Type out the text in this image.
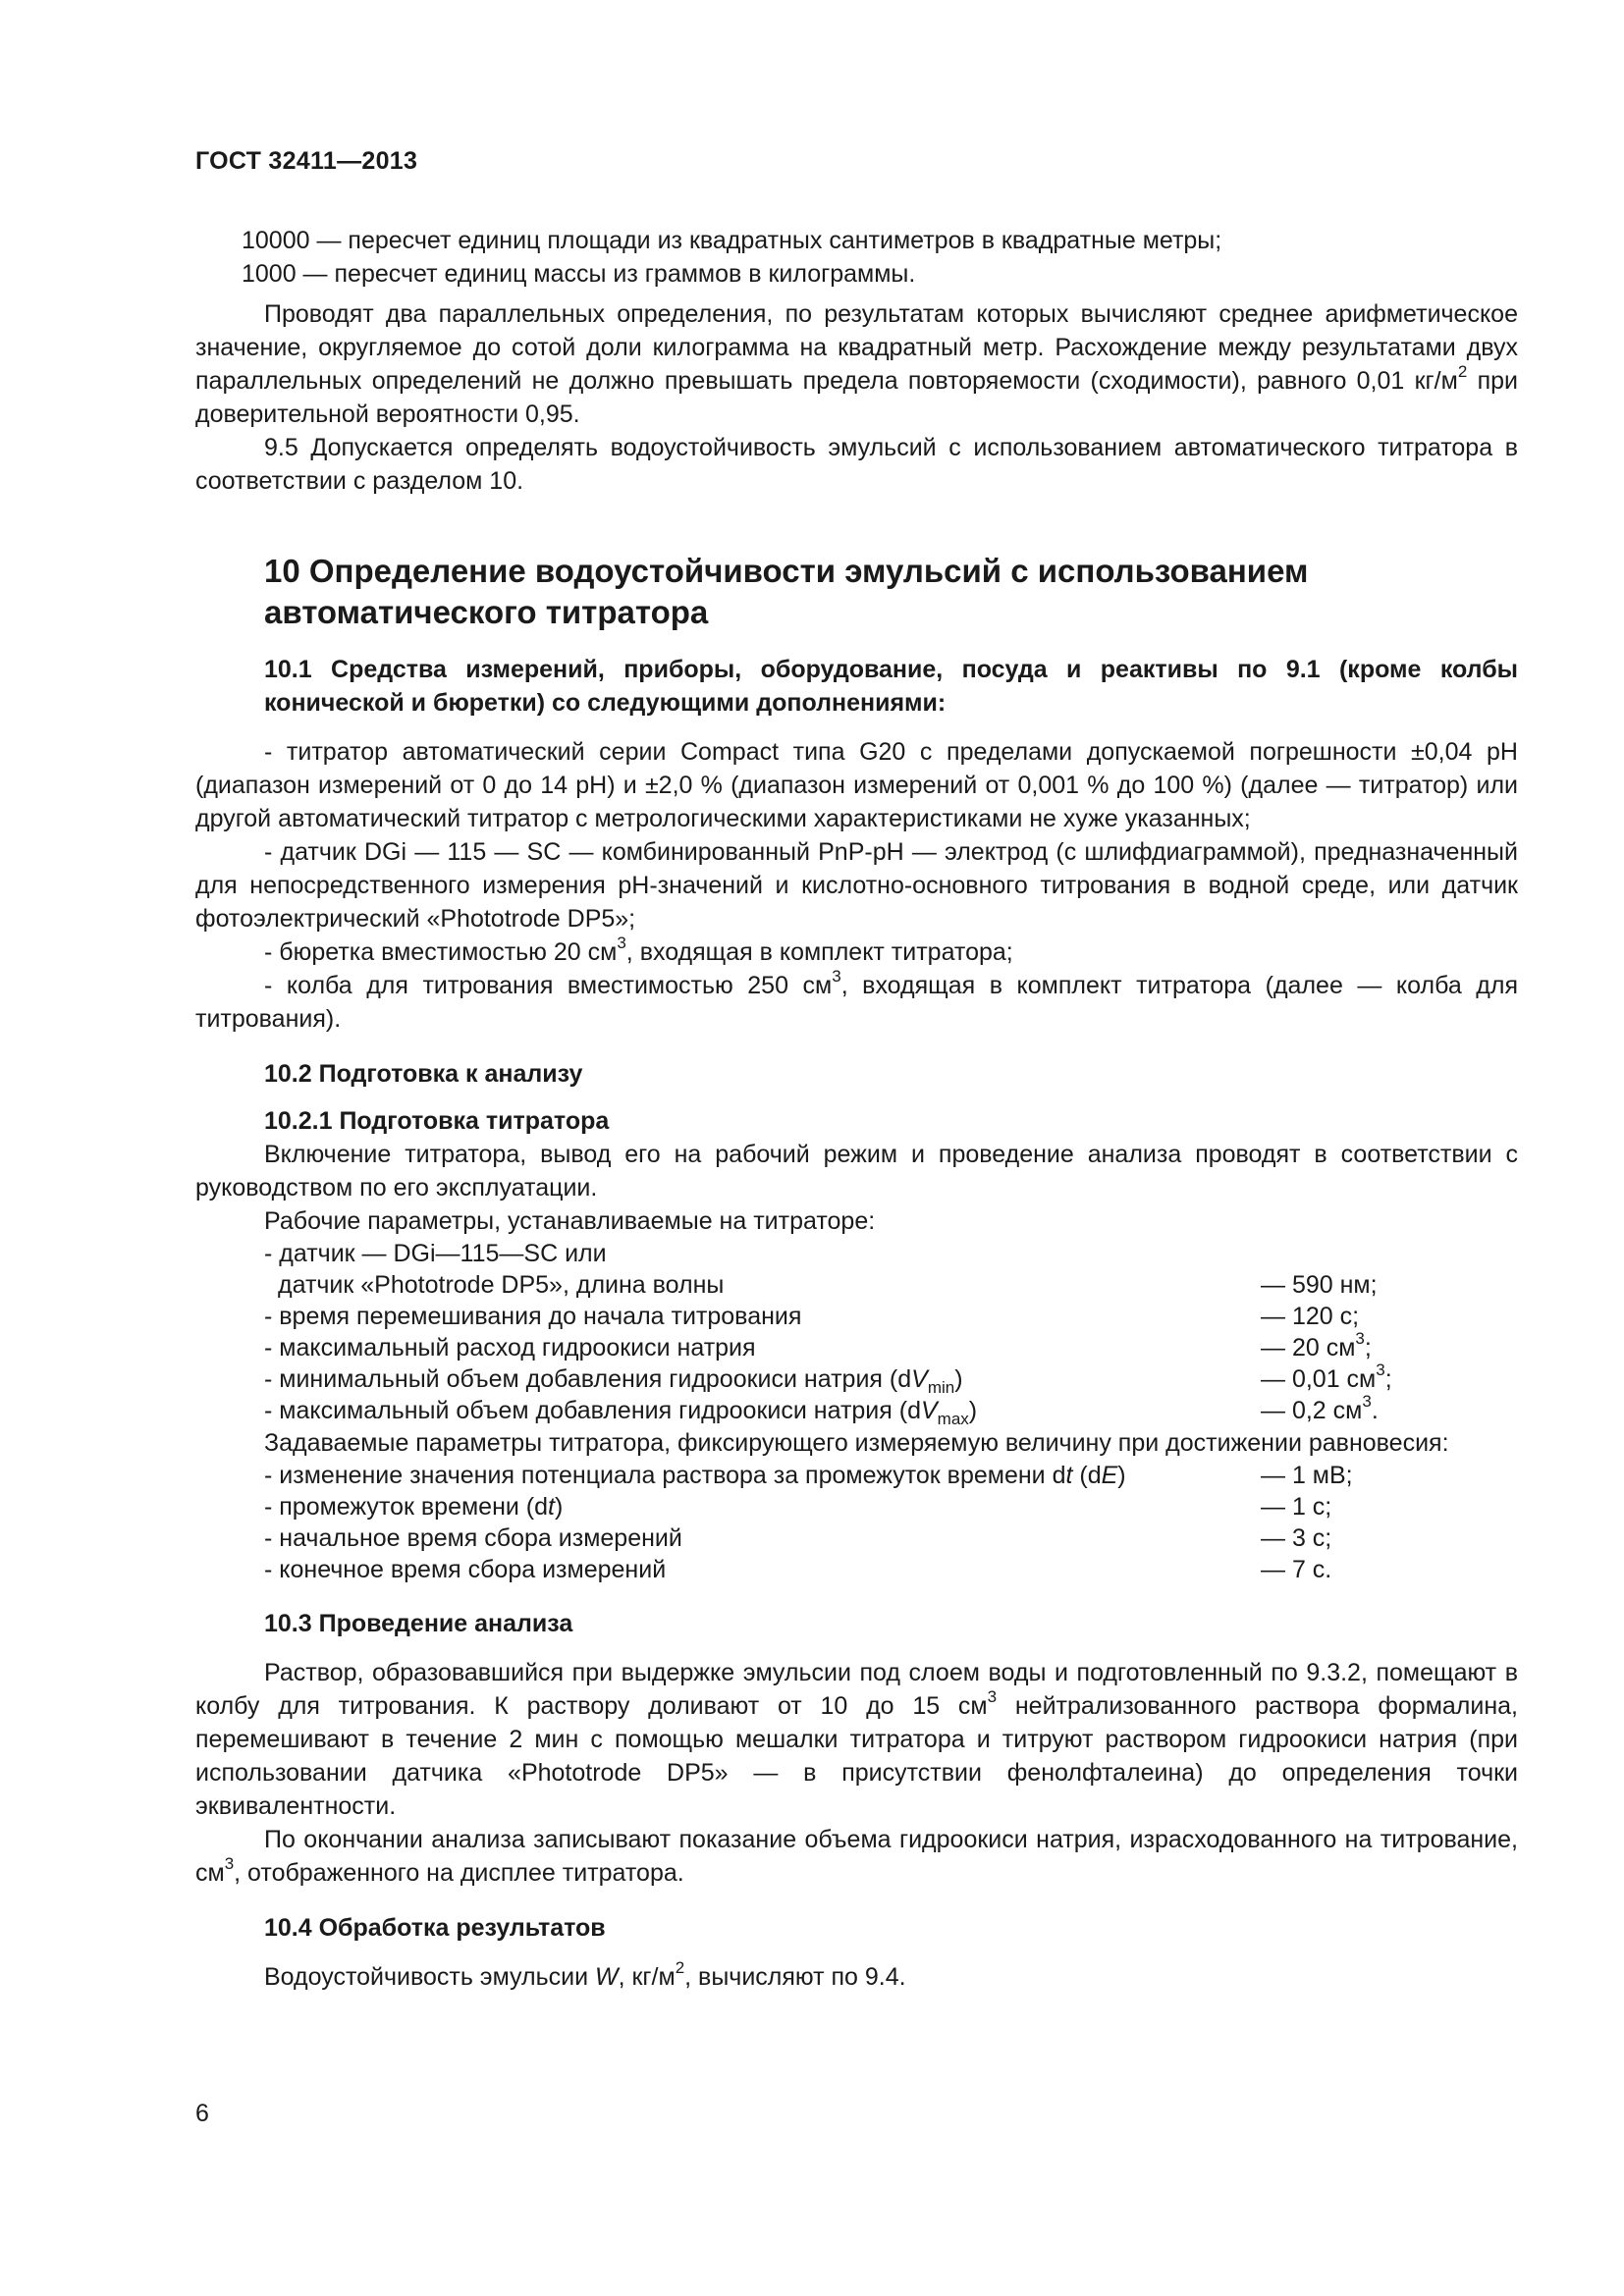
ГОСТ 32411—2013

10000 — пересчет единиц площади из квадратных сантиметров в квадратные метры;

1000 — пересчет единиц массы из граммов в килограммы.

Проводят два параллельных определения, по результатам которых вычисляют среднее арифметическое значение, округляемое до сотой доли килограмма на квадратный метр. Расхождение между результатами двух параллельных определений не должно превышать предела повторяемости (сходимости), равного 0,01 $кг/м^2$ при доверительной вероятности 0,95.

9.5 Допускается определять водоустойчивость эмульсий с использованием автоматического титратора в соответствии с разделом 10.

10 Определение водоустойчивости эмульсий с использованием
автоматического титратора
10.1 Средства измерений, приборы, оборудование, посуда и реактивы по 9.1 (кроме колбы конической и бюретки) со следующими дополнениями:

- титратор автоматический серии Compact типа G20 с пределами допускаемой погрешности ±0,04 pH (диапазон измерений от 0 до 14 pH) и ±2,0 % (диапазон измерений от 0,001 % до 100 %) (далее — титратор) или другой автоматический титратор с метрологическими характеристиками не хуже указанных;

- датчик DGi — 115 — SC — комбинированный PnP-pH — электрод (с шлифдиаграммой), предназначенный для непосредственного измерения pH-значений и кислотно-основного титрования в водной среде, или датчик фотоэлектрический «Phototrode DP5»;

- бюретка вместимостью 20 $см^3$, входящая в комплект титратора;

- колба для титрования вместимостью 250 $см^3$, входящая в комплект титратора (далее — колба для титрования).

10.2 Подготовка к анализу
10.2.1 Подготовка титратора

Включение титратора, вывод его на рабочий режим и проведение анализа проводят в соответствии с руководством по его эксплуатации.

Рабочие параметры, устанавливаемые на титраторе:

- датчик — DGi—115—SC или
датчик «Phototrode DP5», длина волны	— 590 нм;
- время перемешивания до начала титрования	— 120 с;
- максимальный расход гидроокиси натрия	— 20 $см^3$;
- минимальный объем добавления гидроокиси натрия $(dV_{min})$	— 0,01 $см^3$;
- максимальный объем добавления гидроокиси натрия $(dV_{max})$	— 0,2 $см^3$.

Задаваемые параметры титратора, фиксирующего измеряемую величину при достижении равновесия:

- изменение значения потенциала раствора за промежуток времени dt (dE)	— 1 мВ;
- промежуток времени (dt)	— 1 с;
- начальное время сбора измерений	— 3 с;
- конечное время сбора измерений	— 7 с.
10.3 Проведение анализа

Раствор, образовавшийся при выдержке эмульсии под слоем воды и подготовленный по 9.3.2, помещают в колбу для титрования. К раствору доливают от 10 до 15 $см^3$ нейтрализованного раствора формалина, перемешивают в течение 2 мин с помощью мешалки титратора и титруют раствором гидроокиси натрия (при использовании датчика «Phototrode DP5» — в присутствии фенолфталеина) до определения точки эквивалентности.

По окончании анализа записывают показание объема гидроокиси натрия, израсходованного на титрование, $см^3$, отображенного на дисплее титратора.

10.4 Обработка результатов

Водоустойчивость эмульсии W, $кг/м^2$, вычисляют по 9.4.

6
